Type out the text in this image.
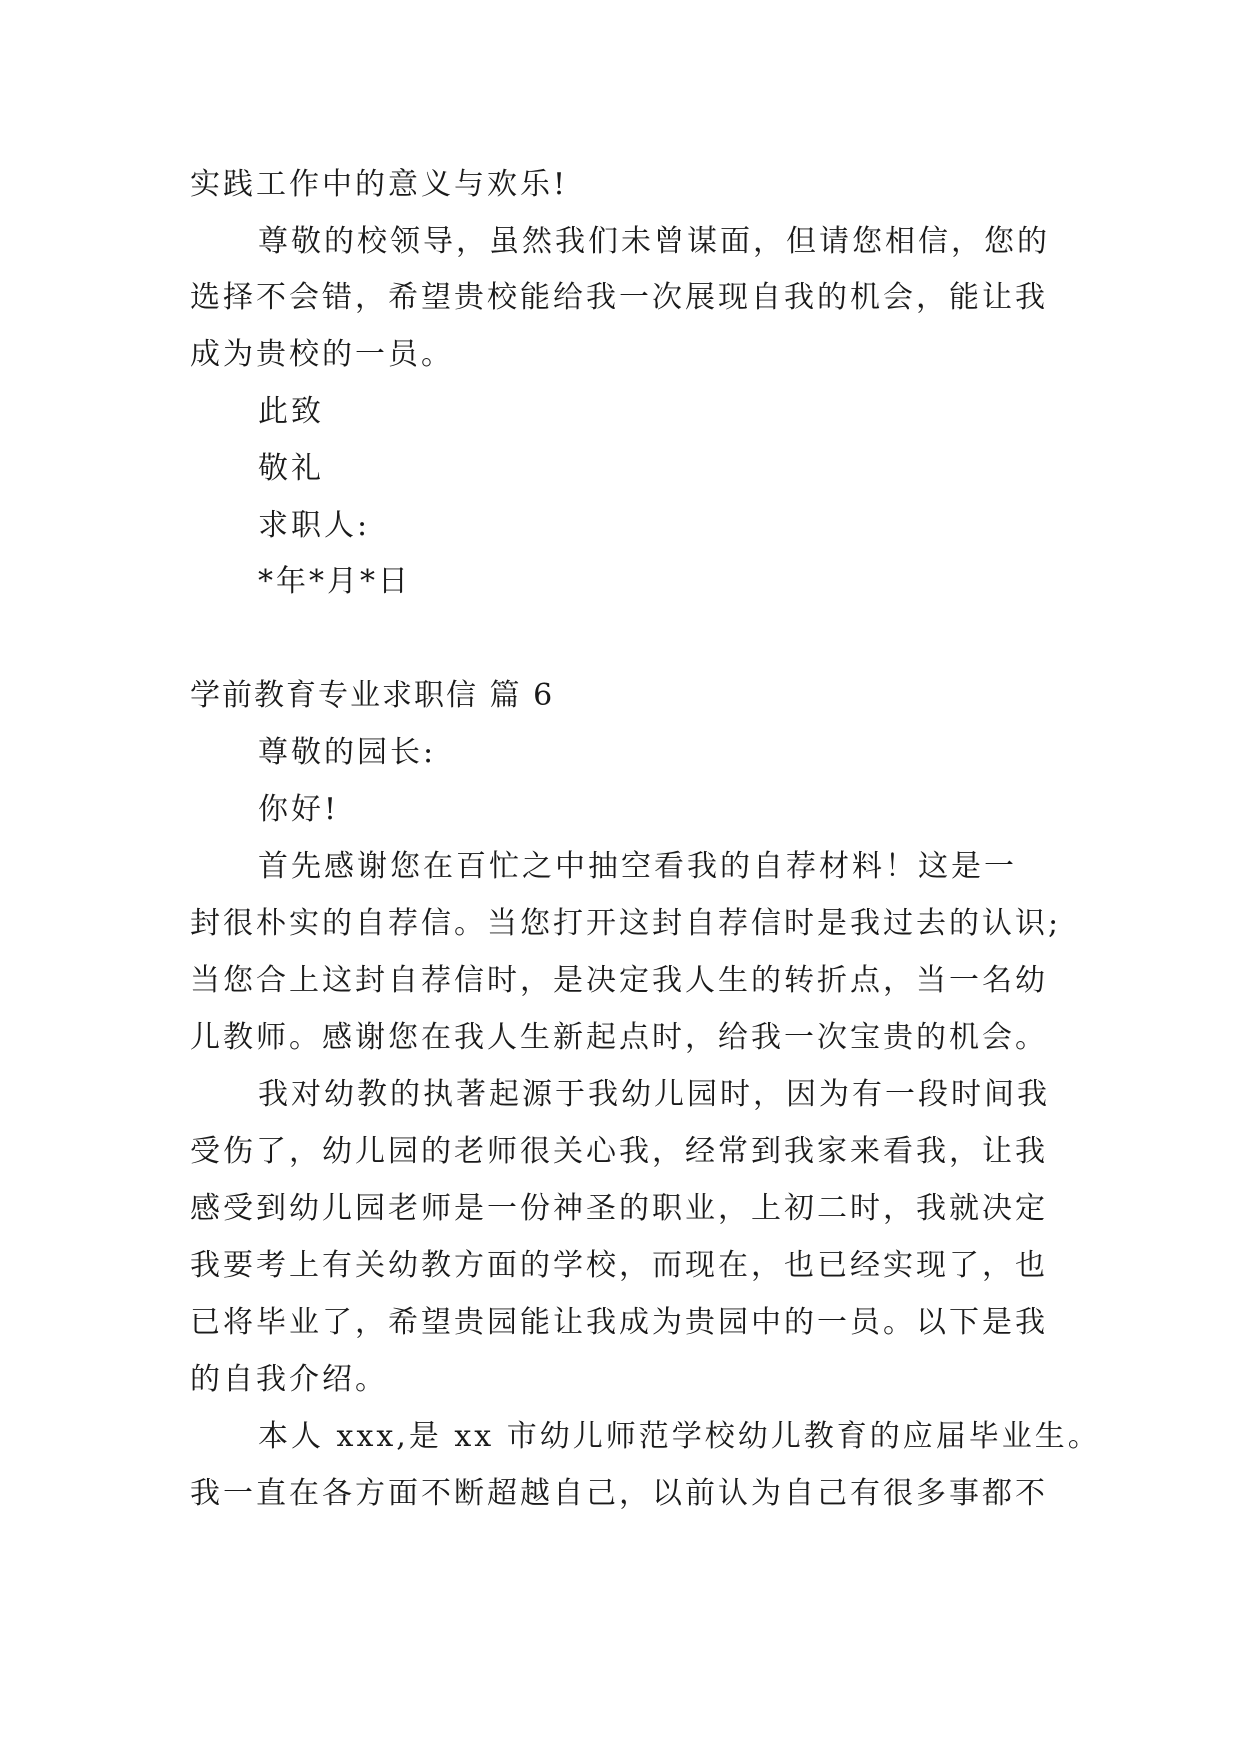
实践工作中的意义与欢乐!
尊敬的校领导，虽然我们未曾谋面，但请您相信，您的
选择不会错，希望贵校能给我一次展现自我的机会，能让我
成为贵校的一员。
此致
敬礼
求职人:
*年*月*日
学前教育专业求职信 篇 6
尊敬的园长:
你好!
首先感谢您在百忙之中抽空看我的自荐材料！这是一
封很朴实的自荐信。当您打开这封自荐信时是我过去的认识;
当您合上这封自荐信时，是决定我人生的转折点，当一名幼
儿教师。感谢您在我人生新起点时，给我一次宝贵的机会。
我对幼教的执著起源于我幼儿园时，因为有一段时间我
受伤了，幼儿园的老师很关心我，经常到我家来看我，让我
感受到幼儿园老师是一份神圣的职业，上初二时，我就决定
我要考上有关幼教方面的学校，而现在，也已经实现了，也
已将毕业了，希望贵园能让我成为贵园中的一员。以下是我
的自我介绍。
本人 xxx,是 xx 市幼儿师范学校幼儿教育的应届毕业生。
我一直在各方面不断超越自己，以前认为自己有很多事都不
